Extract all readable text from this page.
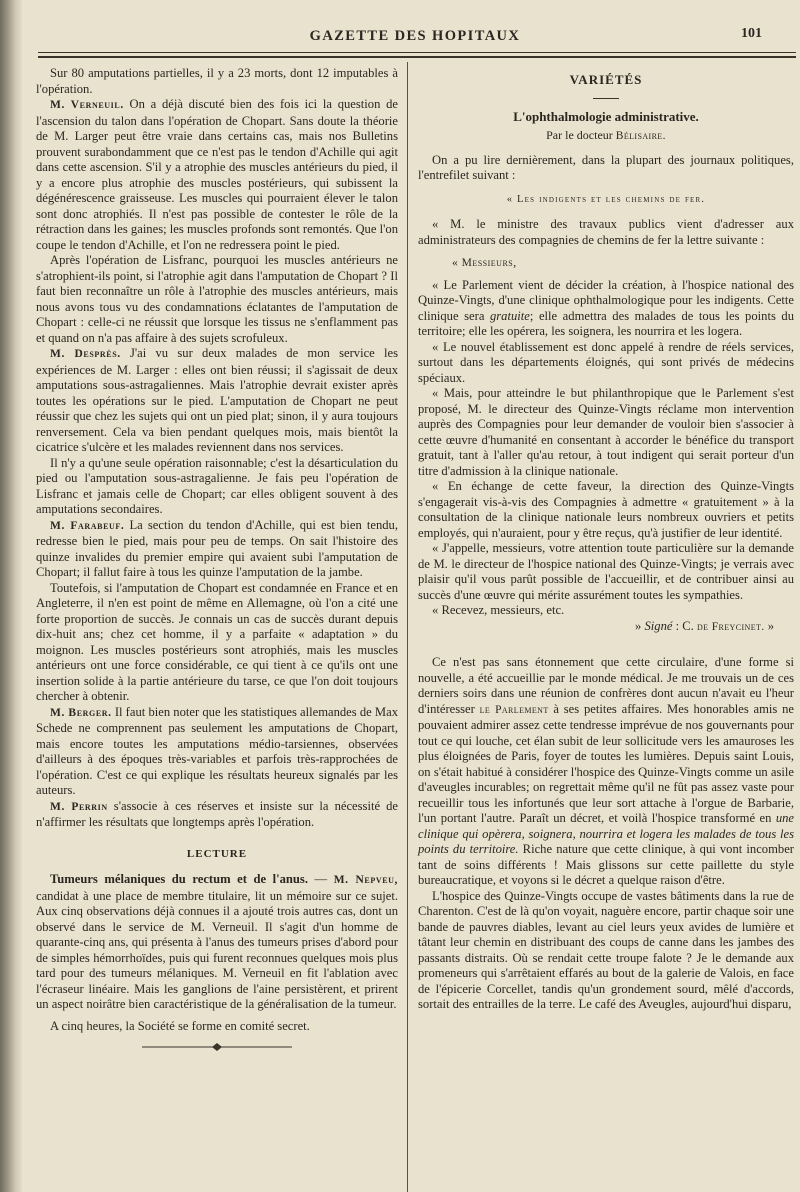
GAZETTE DES HOPITAUX	101

Sur 80 amputations partielles, il y a 23 morts, dont 12 imputables à l'opération.

M. Verneuil. On a déjà discuté bien des fois ici la question de l'ascension du talon dans l'opération de Chopart. Sans doute la théorie de M. Larger peut être vraie dans certains cas, mais nos Bulletins prouvent surabondamment que ce n'est pas le tendon d'Achille qui agit dans cette ascension. S'il y a atrophie des muscles antérieurs du pied, il y a encore plus atrophie des muscles postérieurs, qui subissent la dégénérescence graisseuse. Les muscles qui pourraient élever le talon sont donc atrophiés. Il n'est pas possible de contester le rôle de la rétraction dans les gaines; les muscles profonds sont remontés. Que l'on coupe le tendon d'Achille, et l'on ne redressera point le pied.

Après l'opération de Lisfranc, pourquoi les muscles antérieurs ne s'atrophient-ils point, si l'atrophie agit dans l'amputation de Chopart ? Il faut bien reconnaître un rôle à l'atrophie des muscles antérieurs, mais nous avons tous vu des condamnations éclatantes de l'amputation de Chopart : celle-ci ne réussit que lorsque les tissus ne s'enflamment pas et quand on n'a pas affaire à des sujets scrofuleux.

M. Desprès. J'ai vu sur deux malades de mon service les expériences de M. Larger : elles ont bien réussi; il s'agissait de deux amputations sous-astragaliennes. Mais l'atrophie devrait exister après toutes les opérations sur le pied. L'amputation de Chopart ne peut réussir que chez les sujets qui ont un pied plat; sinon, il y aura toujours renversement. Cela va bien pendant quelques mois, mais bientôt la cicatrice s'ulcère et les malades reviennent dans nos services.

Il n'y a qu'une seule opération raisonnable; c'est la désarticulation du pied ou l'amputation sous-astragalienne. Je fais peu l'opération de Lisfranc et jamais celle de Chopart; car elles obligent souvent à des amputations secondaires.

M. Farabeuf. La section du tendon d'Achille, qui est bien tendu, redresse bien le pied, mais pour peu de temps. On sait l'histoire des quinze invalides du premier empire qui avaient subi l'amputation de Chopart; il fallut faire à tous les quinze l'amputation de la jambe.

Toutefois, si l'amputation de Chopart est condamnée en France et en Angleterre, il n'en est point de même en Allemagne, où l'on a cité une forte proportion de succès. Je connais un cas de succès durant depuis dix-huit ans; chez cet homme, il y a parfaite « adaptation » du moignon. Les muscles postérieurs sont atrophiés, mais les muscles antérieurs ont une force considérable, ce qui tient à ce qu'ils ont une insertion solide à la partie antérieure du tarse, ce que l'on doit toujours chercher à obtenir.

M. Berger. Il faut bien noter que les statistiques allemandes de Max Schede ne comprennent pas seulement les amputations de Chopart, mais encore toutes les amputations médio-tarsiennes, observées d'ailleurs à des époques très-variables et parfois très-rapprochées de l'opération. C'est ce qui explique les résultats heureux signalés par les auteurs.

M. Perrin s'associe à ces réserves et insiste sur la nécessité de n'affirmer les résultats que longtemps après l'opération.

LECTURE

Tumeurs mélaniques du rectum et de l'anus. — M. Nepveu, candidat à une place de membre titulaire, lit un mémoire sur ce sujet. Aux cinq observations déjà connues il a ajouté trois autres cas, dont un observé dans le service de M. Verneuil. Il s'agit d'un homme de quarante-cinq ans, qui présenta à l'anus des tumeurs prises d'abord pour de simples hémorrhoïdes, puis qui furent reconnues quelques mois plus tard pour des tumeurs mélaniques. M. Verneuil en fit l'ablation avec l'écraseur linéaire. Mais les ganglions de l'aine persistèrent, et prirent un aspect noirâtre bien caractéristique de la généralisation de la tumeur.

A cinq heures, la Société se forme en comité secret.

VARIÉTÉS
L'ophthalmologie administrative.
Par le docteur Bélisaire.

On a pu lire dernièrement, dans la plupart des journaux politiques, l'entrefilet suivant :

« Les indigents et les chemins de fer.

« M. le ministre des travaux publics vient d'adresser aux administrateurs des compagnies de chemins de fer la lettre suivante :

« Messieurs,

« Le Parlement vient de décider la création, à l'hospice national des Quinze-Vingts, d'une clinique ophthalmologique pour les indigents. Cette clinique sera gratuite; elle admettra des malades de tous les points du territoire; elle les opérera, les soignera, les nourrira et les logera.

« Le nouvel établissement est donc appelé à rendre de réels services, surtout dans les départements éloignés, qui sont privés de médecins spéciaux.

« Mais, pour atteindre le but philanthropique que le Parlement s'est proposé, M. le directeur des Quinze-Vingts réclame mon intervention auprès des Compagnies pour leur demander de vouloir bien s'associer à cette œuvre d'humanité en consentant à accorder le bénéfice du transport gratuit, tant à l'aller qu'au retour, à tout indigent qui serait porteur d'un titre d'admission à la clinique nationale.

« En échange de cette faveur, la direction des Quinze-Vingts s'engagerait vis-à-vis des Compagnies à admettre « gratuitement » à la consultation de la clinique nationale leurs nombreux ouvriers et petits employés, qui n'auraient, pour y être reçus, qu'à justifier de leur identité.

« J'appelle, messieurs, votre attention toute particulière sur la demande de M. le directeur de l'hospice national des Quinze-Vingts; je verrais avec plaisir qu'il vous parût possible de l'accueillir, et de contribuer ainsi au succès d'une œuvre qui mérite assurément toutes les sympathies.

« Recevez, messieurs, etc.

» Signé : C. de Freycinet. »

Ce n'est pas sans étonnement que cette circulaire, d'une forme si nouvelle, a été accueillie par le monde médical. Je me trouvais un de ces derniers soirs dans une réunion de confrères dont aucun n'avait eu l'heur d'intéresser le Parlement à ses petites affaires. Mes honorables amis ne pouvaient admirer assez cette tendresse imprévue de nos gouvernants pour tout ce qui louche, cet élan subit de leur sollicitude vers les amauroses les plus éloignées de Paris, foyer de toutes les lumières. Depuis saint Louis, on s'était habitué à considérer l'hospice des Quinze-Vingts comme un asile d'aveugles incurables; on regrettait même qu'il ne fût pas assez vaste pour recueillir tous les infortunés que leur sort attache à l'orgue de Barbarie, l'un portant l'autre. Paraît un décret, et voilà l'hospice transformé en une clinique qui opèrera, soignera, nourrira et logera les malades de tous les points du territoire. Riche nature que cette clinique, à qui vont incomber tant de soins différents ! Mais glissons sur cette paillette du style bureaucratique, et voyons si le décret a quelque raison d'être.

L'hospice des Quinze-Vingts occupe de vastes bâtiments dans la rue de Charenton. C'est de là qu'on voyait, naguère encore, partir chaque soir une bande de pauvres diables, levant au ciel leurs yeux avides de lumière et tâtant leur chemin en distribuant des coups de canne dans les jambes des passants distraits. Où se rendait cette troupe falote ? Je le demande aux promeneurs qui s'arrêtaient effarés au bout de la galerie de Valois, en face de l'épicerie Corcellet, tandis qu'un grondement sourd, mêlé d'accords, sortait des entrailles de la terre. Le café des Aveugles, aujourd'hui disparu,
